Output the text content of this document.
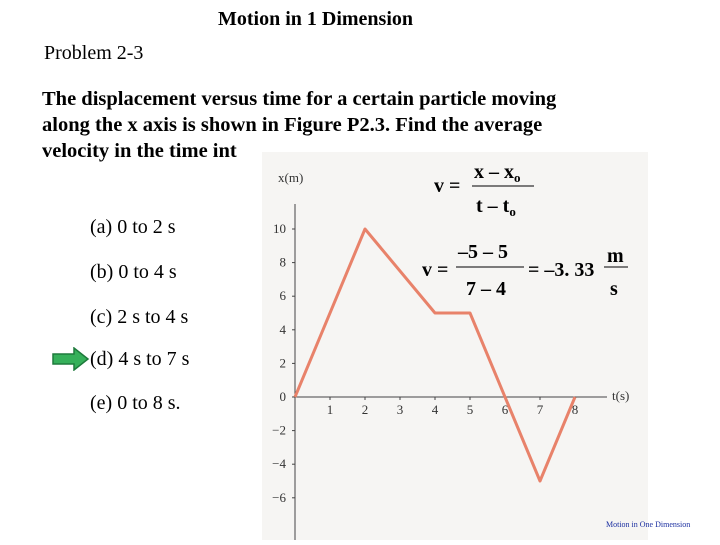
Motion in 1 Dimension
Problem 2-3
The displacement versus time for a certain particle moving
along the x axis is shown in Figure P2.3. Find the average
velocity in the time int
10
8
6
4
2
0
−2
−4
−6
1 2 3 4 5 6 7 8
x(m)
t(s)
v =
x – $x_o$
t – $t_o$
v =
–5 – 5
7 – 4
= –3. 33
m
s
(a) 0 to 2 s
(b) 0 to 4 s
(c) 2 s to 4 s
(d) 4 s to 7 s
(e) 0 to 8 s.
Motion in One Dimension
